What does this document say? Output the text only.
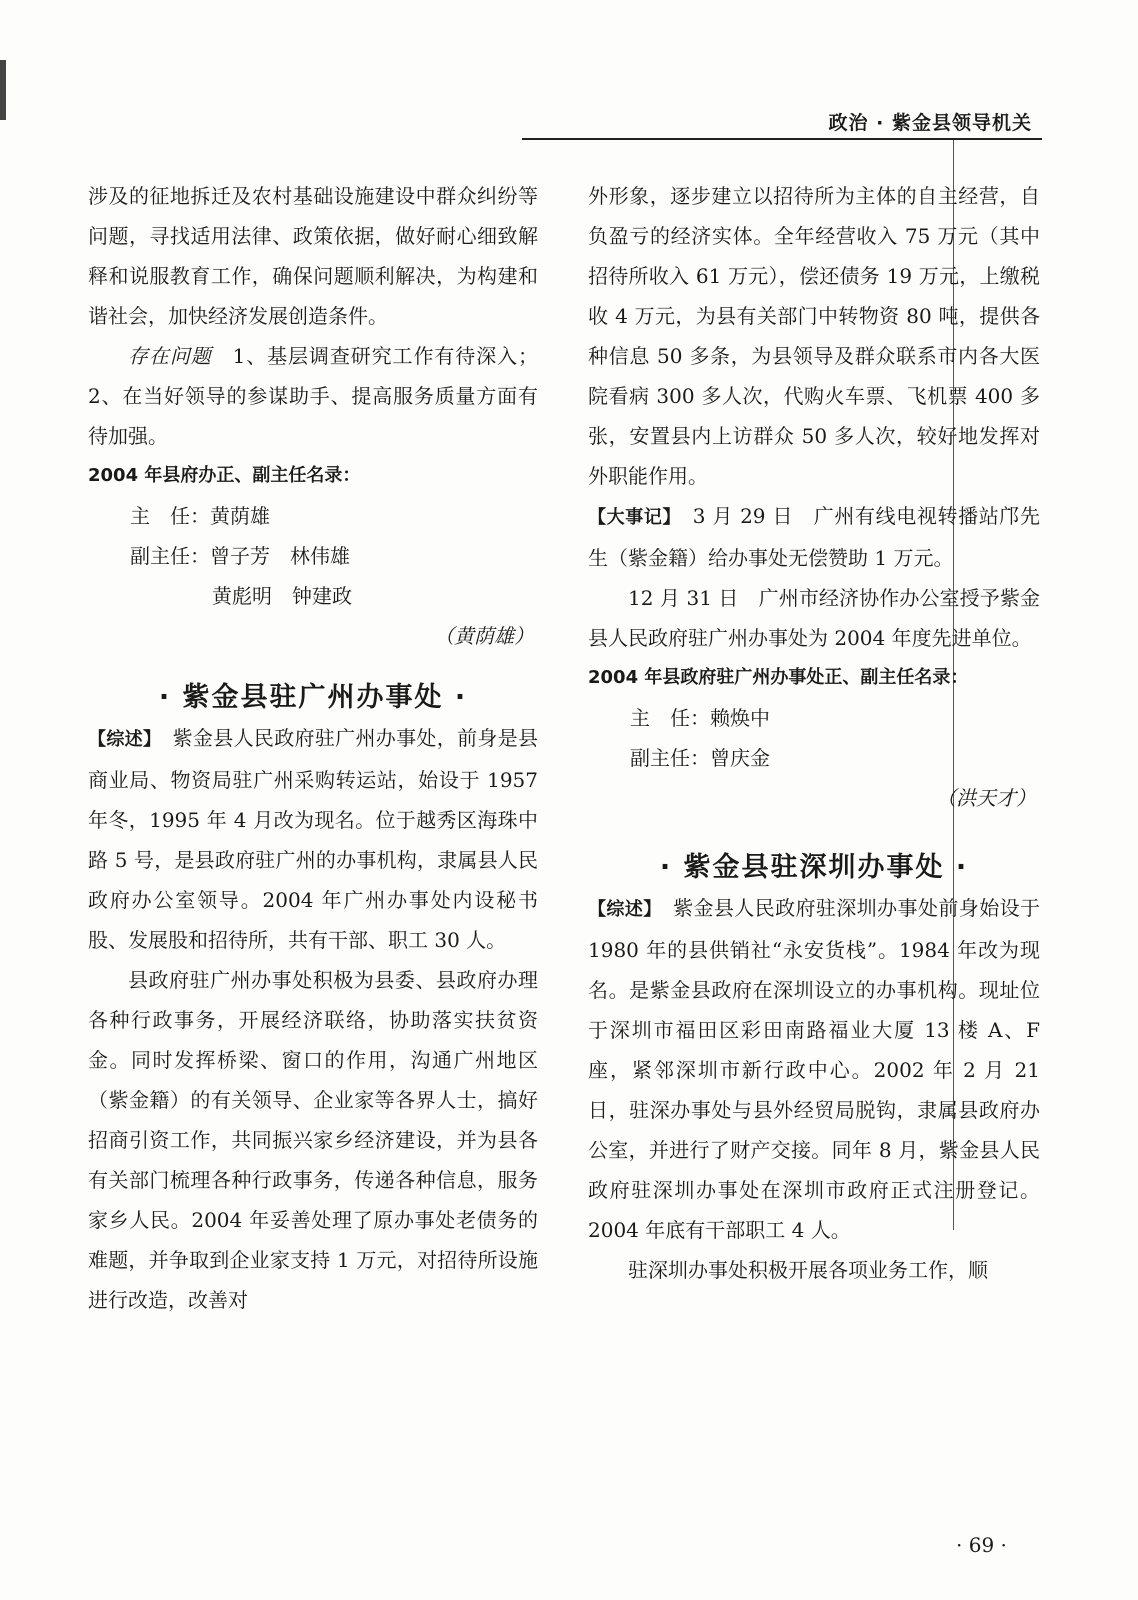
政治 · 紫金县领导机关

涉及的征地拆迁及农村基础设施建设中群众纠纷等问题，寻找适用法律、政策依据，做好耐心细致解释和说服教育工作，确保问题顺利解决，为构建和谐社会，加快经济发展创造条件。

存在问题　 1、基层调查研究工作有待深入；2、在当好领导的参谋助手、提高服务质量方面有待加强。

2004 年县府办正、副主任名录：

主　任：黄荫雄

副主任：曾子芳　林伟雄

黄彪明　钟建政

（黄荫雄）

· 紫金县驻广州办事处 ·

【综述】　 紫金县人民政府驻广州办事处，前身是县商业局、物资局驻广州采购转运站，始设于 1957 年冬，1995 年 4 月改为现名。位于越秀区海珠中路 5 号，是县政府驻广州的办事机构，隶属县人民政府办公室领导。2004 年广州办事处内设秘书股、发展股和招待所，共有干部、职工 30 人。

县政府驻广州办事处积极为县委、县政府办理各种行政事务，开展经济联络，协助落实扶贫资金。同时发挥桥梁、窗口的作用，沟通广州地区（紫金籍）的有关领导、企业家等各界人士，搞好招商引资工作，共同振兴家乡经济建设，并为县各有关部门梳理各种行政事务，传递各种信息，服务家乡人民。2004 年妥善处理了原办事处老债务的难题，并争取到企业家支持 1 万元，对招待所设施进行改造，改善对

外形象，逐步建立以招待所为主体的自主经营，自负盈亏的经济实体。全年经营收入 75 万元（其中招待所收入 61 万元），偿还债务 19 万元，上缴税收 4 万元，为县有关部门中转物资 80 吨，提供各种信息 50 多条，为县领导及群众联系市内各大医院看病 300 多人次，代购火车票、飞机票 400 多张，安置县内上访群众 50 多人次，较好地发挥对外职能作用。

【大事记】　 3 月 29 日　广州有线电视转播站邝先生（紫金籍）给办事处无偿赞助 1 万元。

12 月 31 日　广州市经济协作办公室授予紫金县人民政府驻广州办事处为 2004 年度先进单位。

2004 年县政府驻广州办事处正、副主任名录：

主　任：赖焕中

副主任：曾庆金

（洪天才）

· 紫金县驻深圳办事处 ·

【综述】　 紫金县人民政府驻深圳办事处前身始设于 1980 年的县供销社“永安货栈”。1984 年改为现名。是紫金县政府在深圳设立的办事机构。现址位于深圳市福田区彩田南路福业大厦 13 楼 A、F 座，紧邻深圳市新行政中心。2002 年 2 月 21 日，驻深办事处与县外经贸局脱钩，隶属县政府办公室，并进行了财产交接。同年 8 月，紫金县人民政府驻深圳办事处在深圳市政府正式注册登记。2004 年底有干部职工 4 人。

驻深圳办事处积极开展各项业务工作，顺

· 69 ·
